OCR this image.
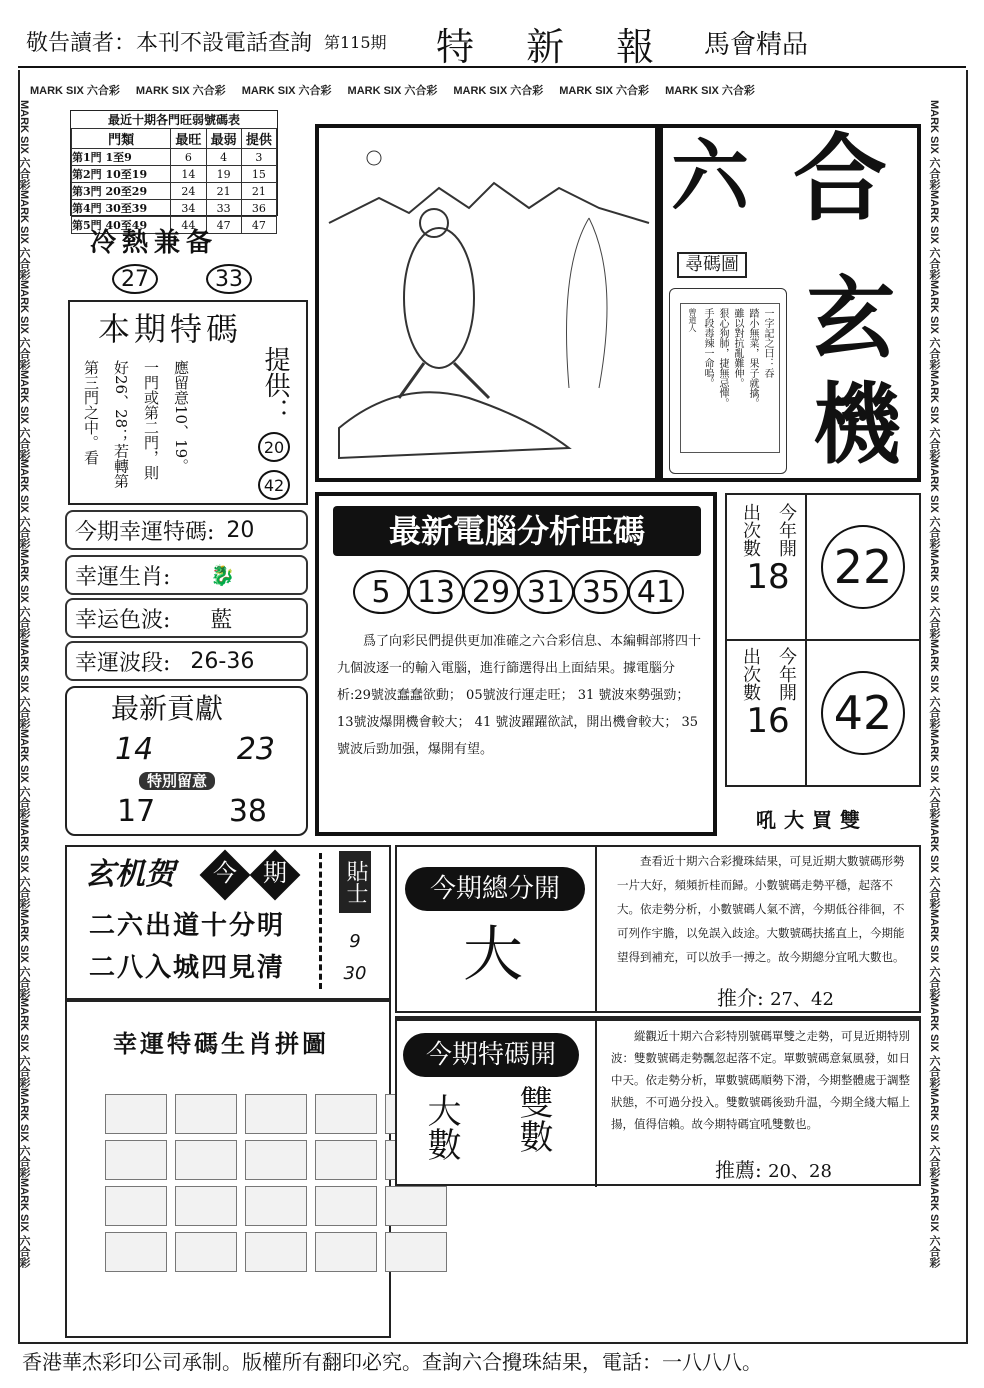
敬告讀者：本刊不設電話查詢 第115期 特 新 報 馬會精品
MARK SIX 六合彩 MARK SIX 六合彩 MARK SIX 六合彩 MARK SIX 六合彩 MARK SIX 六合彩 MARK SIX 六合彩 MARK SIX 六合彩
MARK SIX 六合彩MARK SIX 六合彩MARK SIX 六合彩MARK SIX 六合彩MARK SIX 六合彩MARK SIX 六合彩MARK SIX 六合彩MARK SIX 六合彩MARK SIX 六合彩MARK SIX 六合彩MARK SIX 六合彩MARK SIX 六合彩MARK SIX 六合彩
MARK SIX 六合彩MARK SIX 六合彩MARK SIX 六合彩MARK SIX 六合彩MARK SIX 六合彩MARK SIX 六合彩MARK SIX 六合彩MARK SIX 六合彩MARK SIX 六合彩MARK SIX 六合彩MARK SIX 六合彩MARK SIX 六合彩MARK SIX 六合彩
最近十期各門旺弱號碼表
門類	最旺	最弱	提供
第1門 1至9	6	4	3
第2門 10至19	14	19	15
第3門 20至29	24	21	21
第4門 30至39	34	33	36
第5門 40至49	44	47	47
冷熱兼备
27	33
本期特碼
應留意10、19。
一門或第二門，則
好26、28；若轉第
第三門之中。看	提供：
20
42
今期幸運特碼: 20
幸運生肖: 🐉
幸运色波: 藍
幸運波段: 26-36
最新貢獻
14	23
特別留意
17 38
六 合
玄
機
尋碼圖
一字記之曰：吞
踏小無菜，果子就擒。
雖以對抗亂難伸。
狠心狗肺，捷無忌憚。
手段毒辣一命嗚。
曾道人
最新電腦分析旺碼
5 13 29 31 35 41
爲了向彩民們提供更加准確之六合彩信息、本編輯部將四十九個波逐一的輸入電腦，進行篩選得出上面結果。據電腦分析:29號波蠢蠢欲動； 05號波行運走旺； 31 號波來勢强勁；13號波爆開機會較大； 41 號波躍躍欲試，開出機會較大； 35號波后勁加强，爆開有望。
出次數 今年開
18 22
出次數 今年開
16 42
吼大買雙
玄机贺 今 期
二六出道十分明
二八入城四見清
貼士
9
30
幸運特碼生肖拼圖
今期總分開
大
查看近十期六合彩攪珠結果，可見近期大數號碼形勢一片大好，頻頻折桂而歸。小數號碼走勢平穩，起落不大。依走勢分析，小數號碼人氣不濟，今期低谷徘徊，不可列作宇膽，以免誤入歧途。大數號碼扶搖直上，今期能望得到補充，可以放手一搏之。故今期總分宜吼大數也。
推介: 27、42
今期特碼開
大數 雙數
縱觀近十期六合彩特別號碼單雙之走勢，可見近期特別波：雙數號碼走勢飄忽起落不定。單數號碼意氣風發，如日中天。依走勢分析，單數號碼順勢下滑，今期整體處于調整狀態，不可過分投入。雙數號碼後勁升温，今期全綫大幅上揚，值得信賴。故今期特碼宜吼雙數也。
推薦: 20、28
香港華杰彩印公司承制。版權所有翻印必究。查詢六合攪珠結果，電話：一八八八。
